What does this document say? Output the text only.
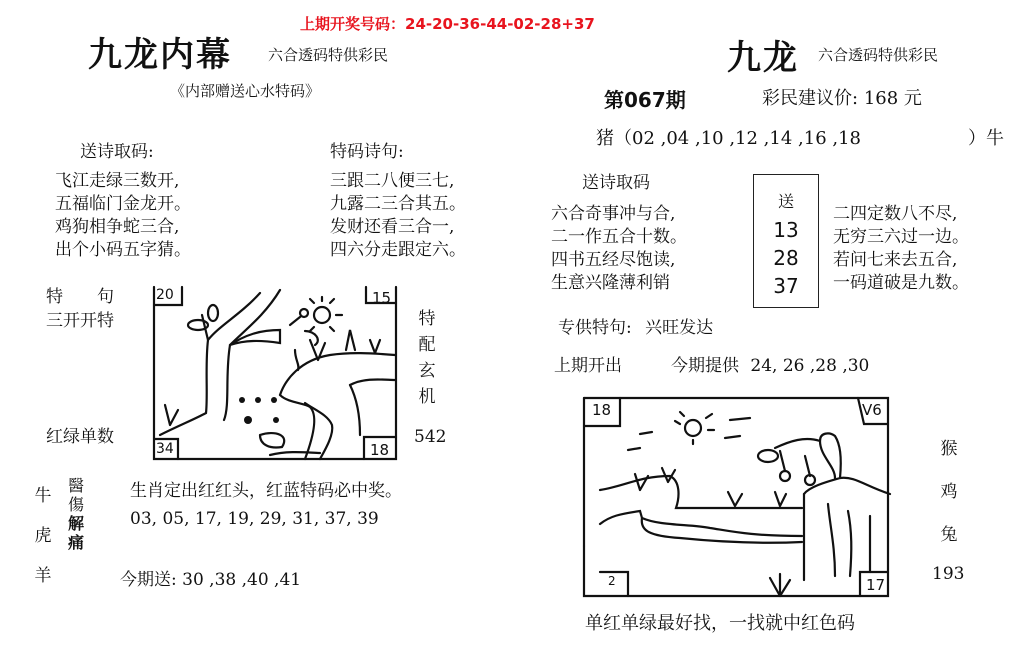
上期开奖号码：24-20-36-44-02-28+37
九龙内幕 六合透码特供彩民
《内部赠送心水特码》
送诗取码:
飞江走绿三数开,
五福临门金龙开。
鸡狗相争蛇三合,
出个小码五字猜。
特码诗句:
三跟二八便三七,
九露二三合其五。
发财还看三合一,
四六分走跟定六。
特　　句
三开开特
红绿单数
20	15
34	18
特
配
玄
机
542
牛
虎
羊
醫
傷
解
痛
生肖定出红红头，红蓝特码必中奖。
03, 05, 17, 19, 29, 31, 37, 39
今期送: 30 ,38 ,40 ,41
九龙 六合透码特供彩民
第067期	彩民建议价: 168 元
猪（02 ,04 ,10 ,12 ,14 ,16 ,18	）牛
送诗取码
六合奇事冲与合,
二一作五合十数。
四书五经尽饱读,
生意兴隆薄利销
送
13
28
37
二四定数八不尽,
无穷三六过一边。
若问七来去五合,
一码道破是九数。
专供特句: 兴旺发达
上期开出	今期提供 24, 26 ,28 ,30
18	V6
2	17
猴
鸡
兔
193
单红单绿最好找，一找就中红色码
